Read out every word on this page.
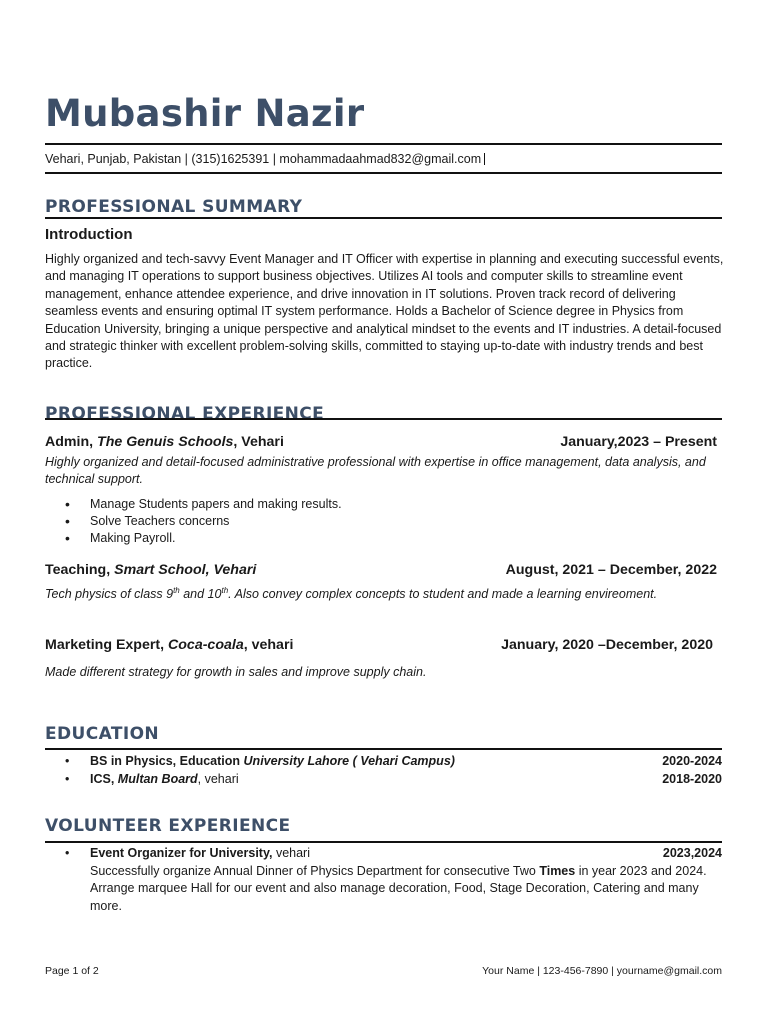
Mubashir Nazir
Vehari, Punjab, Pakistan | (315)1625391 | mohammadaahmad832@gmail.com
PROFESSIONAL SUMMARY
Introduction
Highly organized and tech-savvy Event Manager and IT Officer with expertise in planning and executing successful events, and managing IT operations to support business objectives. Utilizes AI tools and computer skills to streamline event management, enhance attendee experience, and drive innovation in IT solutions. Proven track record of delivering seamless events and ensuring optimal IT system performance. Holds a Bachelor of Science degree in Physics from Education University, bringing a unique perspective and analytical mindset to the events and IT industries. A detail-focused and strategic thinker with excellent problem-solving skills, committed to staying up-to-date with industry trends and best practice.
PROFESSIONAL EXPERIENCE
Admin, The Genuis Schools, Vehari	January,2023 – Present
Highly organized and detail-focused administrative professional with expertise in office management, data analysis, and technical support.
• Manage Students papers and making results.
• Solve Teachers concerns
• Making Payroll.
Teaching, Smart School, Vehari	August, 2021 – December, 2022
Tech physics of class 9th and 10th. Also convey complex concepts to student and made a learning envireoment.
Marketing Expert, Coca-coala, vehari	January, 2020 –December, 2020
Made different strategy for growth in sales and improve supply chain.
EDUCATION
• BS in Physics, Education University Lahore ( Vehari Campus)	2020-2024
• ICS, Multan Board, vehari	2018-2020
VOLUNTEER EXPERIENCE
• Event Organizer for University, vehari	2023,2024
Successfully organize Annual Dinner of Physics Department for consecutive Two Times in year 2023 and 2024.
Arrange marquee Hall for our event and also manage decoration, Food, Stage Decoration, Catering and many more.
Page 1 of 2	Your Name | 123-456-7890 | yourname@gmail.com
